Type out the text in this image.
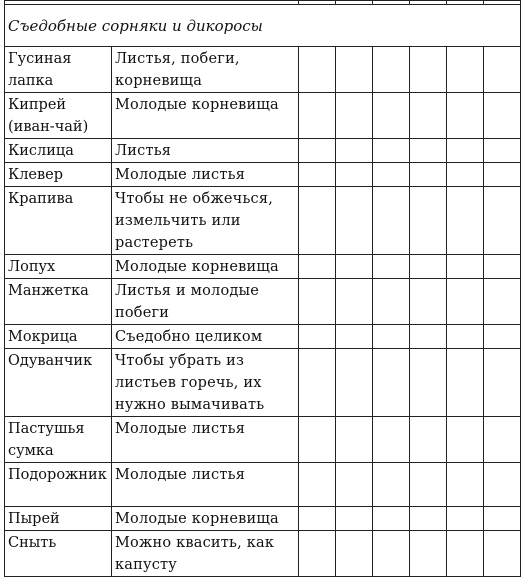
Съедобные сорняки и дикоросы							
Гусиная лапка	Листья, побеги, корневища						
Кипрей (иван-чай)	Молодые корневища						
Кислица	Листья						
Клевер	Молодые листья						
Крапива	Чтобы не обжечься, измельчить или растереть						
Лопух	Молодые корневища						
Манжетка	Листья и молодые побеги						
Мокрица	Съедобно целиком						
Одуванчик	Чтобы убрать из листьев горечь, их нужно вымачивать						
Пастушья сумка	Молодые листья						
Подорожник	Молодые листья						
Пырей	Молодые корневища						
Сныть	Можно квасить, как капусту						
